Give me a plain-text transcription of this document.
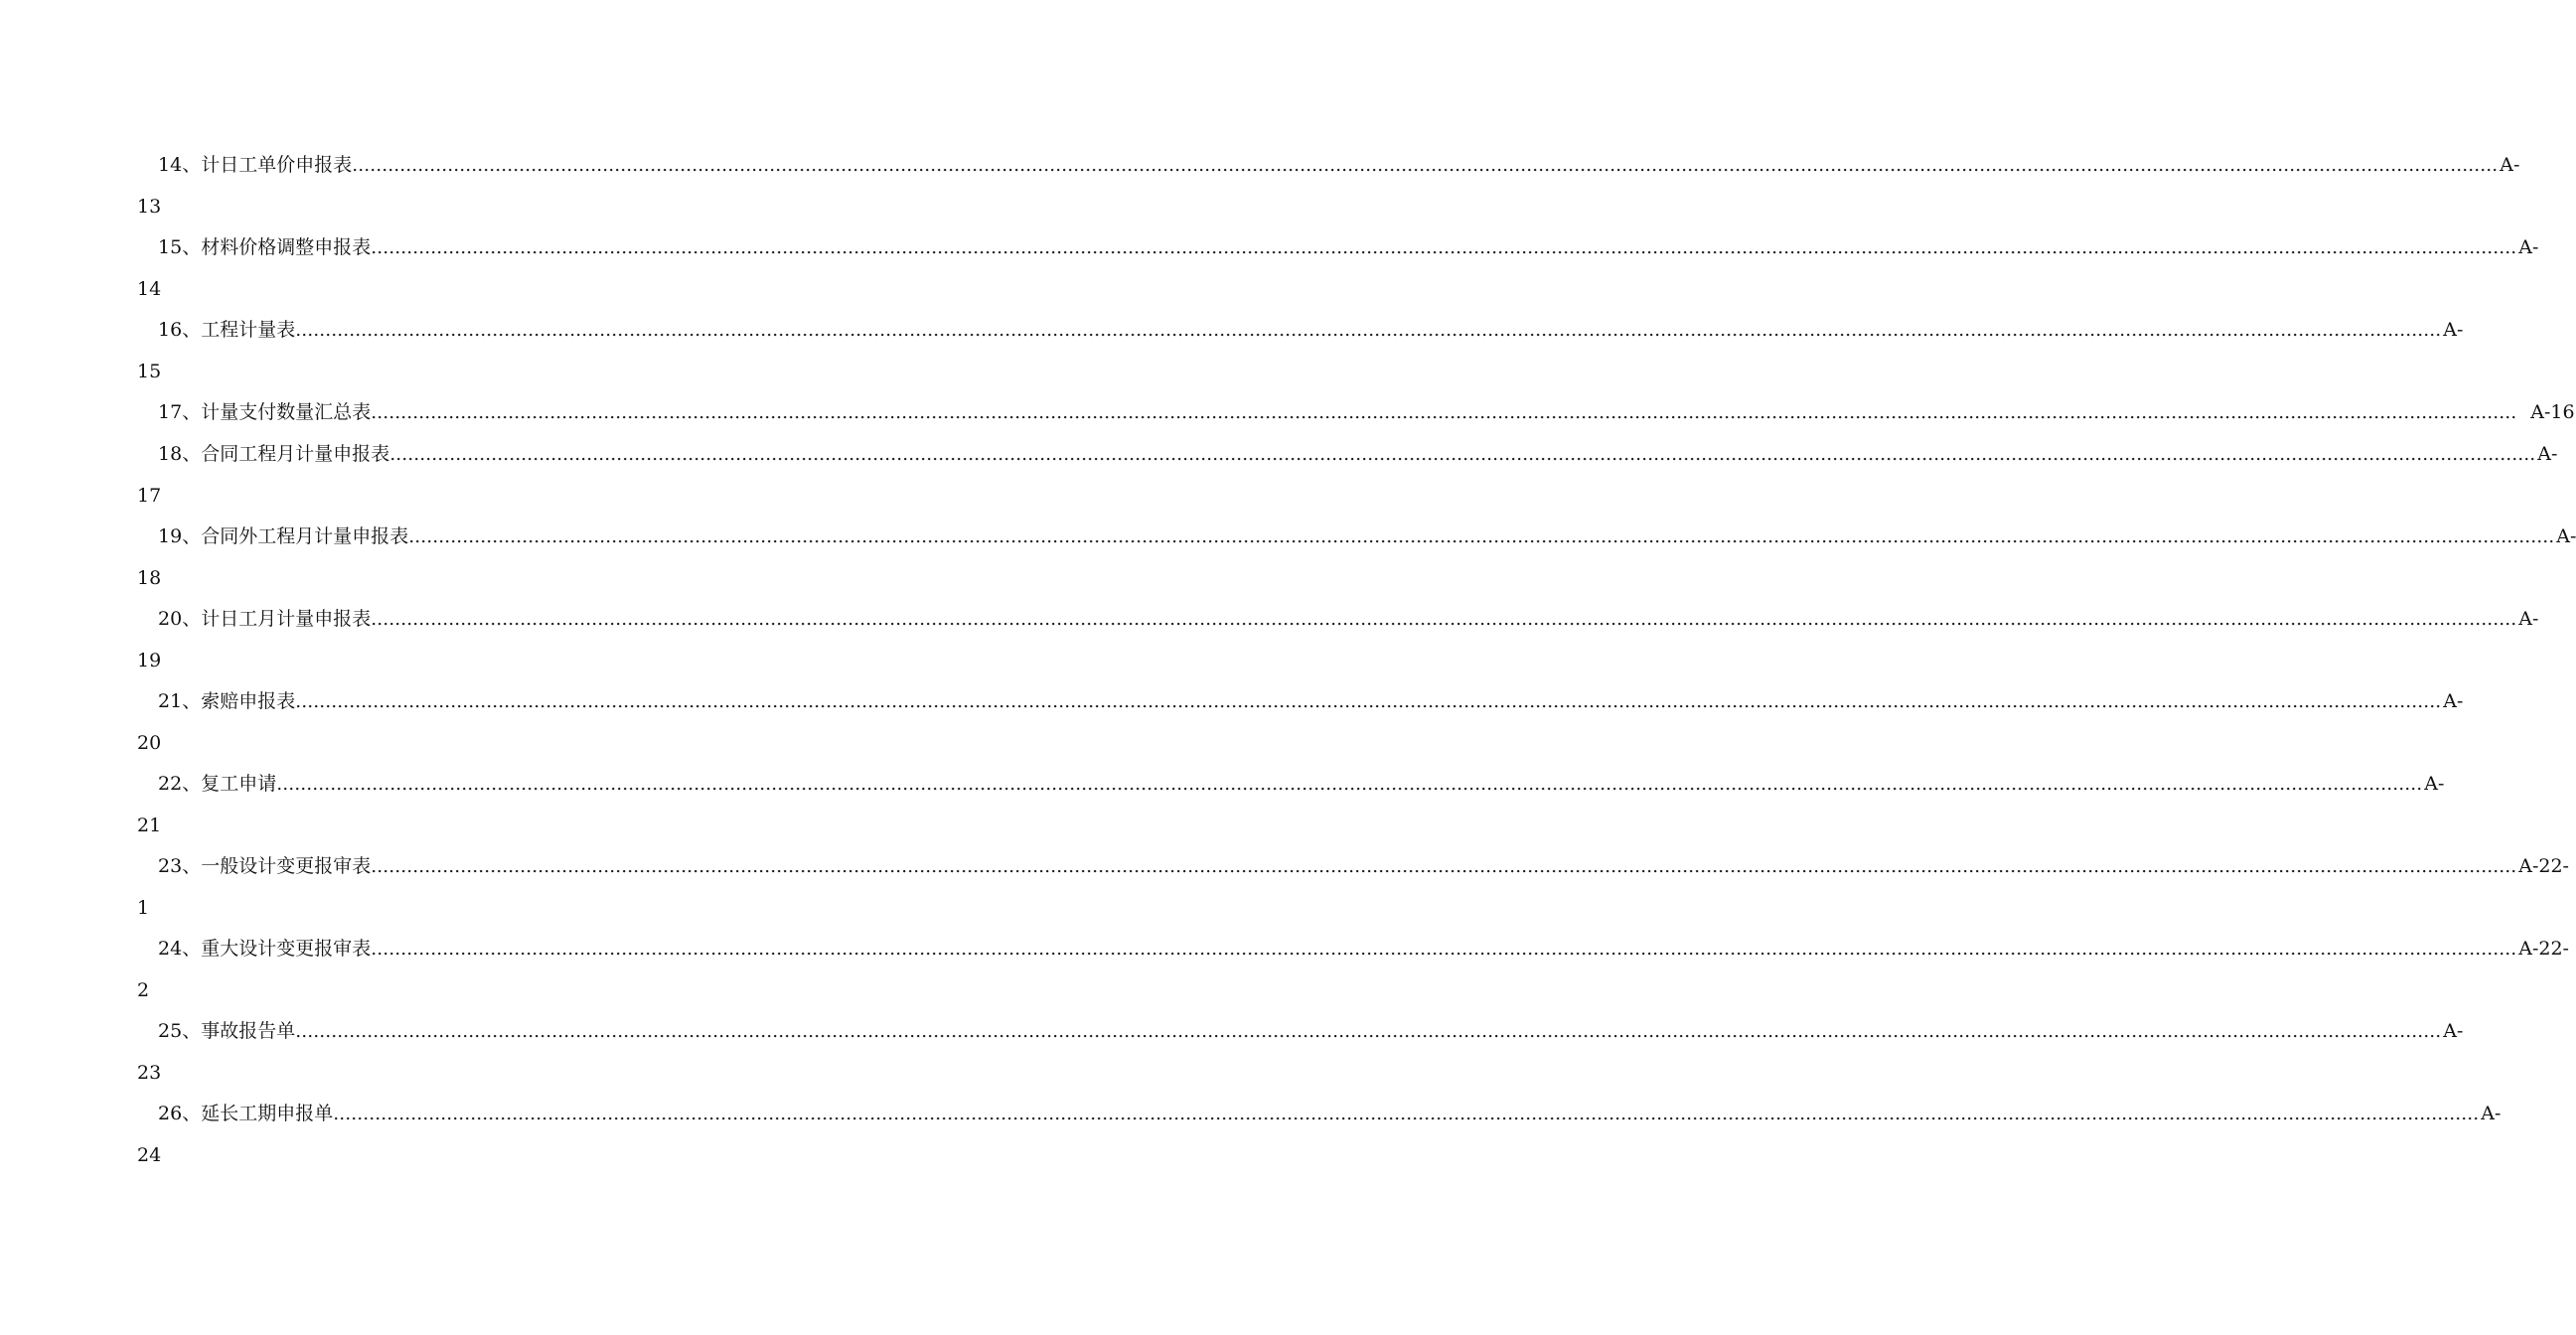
14 、 计日工单价申报表 ……………………………………………………………………………………………………………………………………………………………………………………………………………………………………………………………………………………………………………………………… A-
13
15 、 材料价格调整申报表 ……………………………………………………………………………………………………………………………………………………………………………………………………………………………………………………………………………………………………………………………… A-
14
16 、 工程计量表 ……………………………………………………………………………………………………………………………………………………………………………………………………………………………………………………………………………………………………………………………… A-
15
17 、 计量支付数量汇总表 ……………………………………………………………………………………………………………………………………………………………………………………………………………………………………………………………………………………………………………………………… A-16
18 、 合同工程月计量申报表 ……………………………………………………………………………………………………………………………………………………………………………………………………………………………………………………………………………………………………………………………… A-
17
19 、 合同外工程月计量申报表 ……………………………………………………………………………………………………………………………………………………………………………………………………………………………………………………………………………………………………………………………… A-
18
20 、 计日工月计量申报表 ……………………………………………………………………………………………………………………………………………………………………………………………………………………………………………………………………………………………………………………………… A-
19
21 、 索赔申报表 ……………………………………………………………………………………………………………………………………………………………………………………………………………………………………………………………………………………………………………………………… A-
20
22 、 复工申请 ……………………………………………………………………………………………………………………………………………………………………………………………………………………………………………………………………………………………………………………………… A-
21
23 、 一般设计变更报审表 ……………………………………………………………………………………………………………………………………………………………………………………………………………………………………………………………………………………………………………………………… A-22-
1
24 、 重大设计变更报审表 ……………………………………………………………………………………………………………………………………………………………………………………………………………………………………………………………………………………………………………………………… A-22-
2
25 、 事故报告单 ……………………………………………………………………………………………………………………………………………………………………………………………………………………………………………………………………………………………………………………………… A-
23
26 、 延长工期申报单 ……………………………………………………………………………………………………………………………………………………………………………………………………………………………………………………………………………………………………………………………… A-
24
